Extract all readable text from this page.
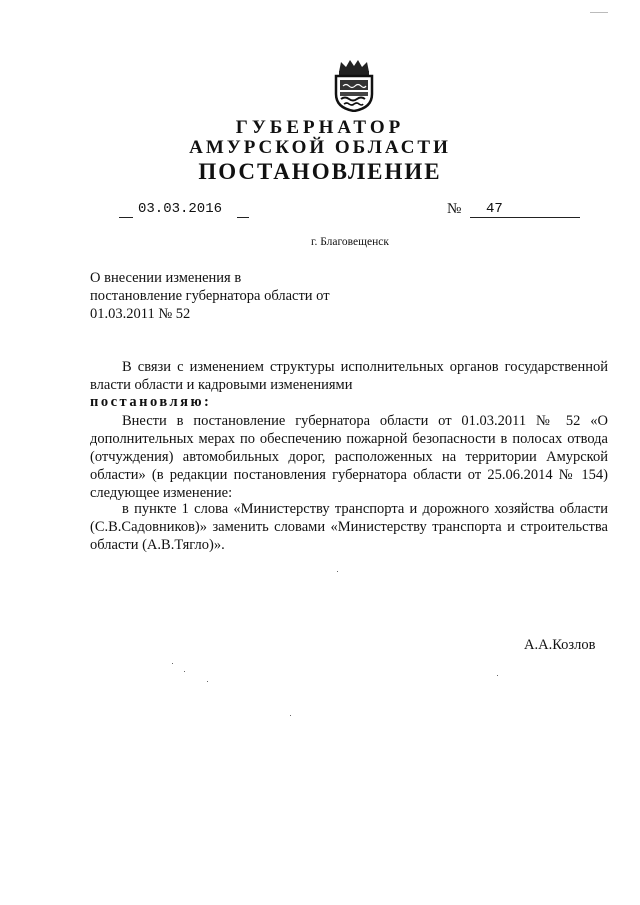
ГУБЕРНАТОР
АМУРСКОЙ ОБЛАСТИ
ПОСТАНОВЛЕНИЕ
03.03.2016	№ 47
г. Благовещенск
О внесении изменения в постановление губернатора области от 01.03.2011 № 52
В связи с изменением структуры исполнительных органов государственной власти области и кадровыми изменениями
постановляю:
Внести в постановление губернатора области от 01.03.2011 № 52 «О дополнительных мерах по обеспечению пожарной безопасности в полосах отвода (отчуждения) автомобильных дорог, расположенных на территории Амурской области» (в редакции постановления губернатора области от 25.06.2014 № 154) следующее изменение:
в пункте 1 слова «Министерству транспорта и дорожного хозяйства области (С.В.Садовников)» заменить словами «Министерству транспорта и строительства области (А.В.Тягло)».
А.А.Козлов
